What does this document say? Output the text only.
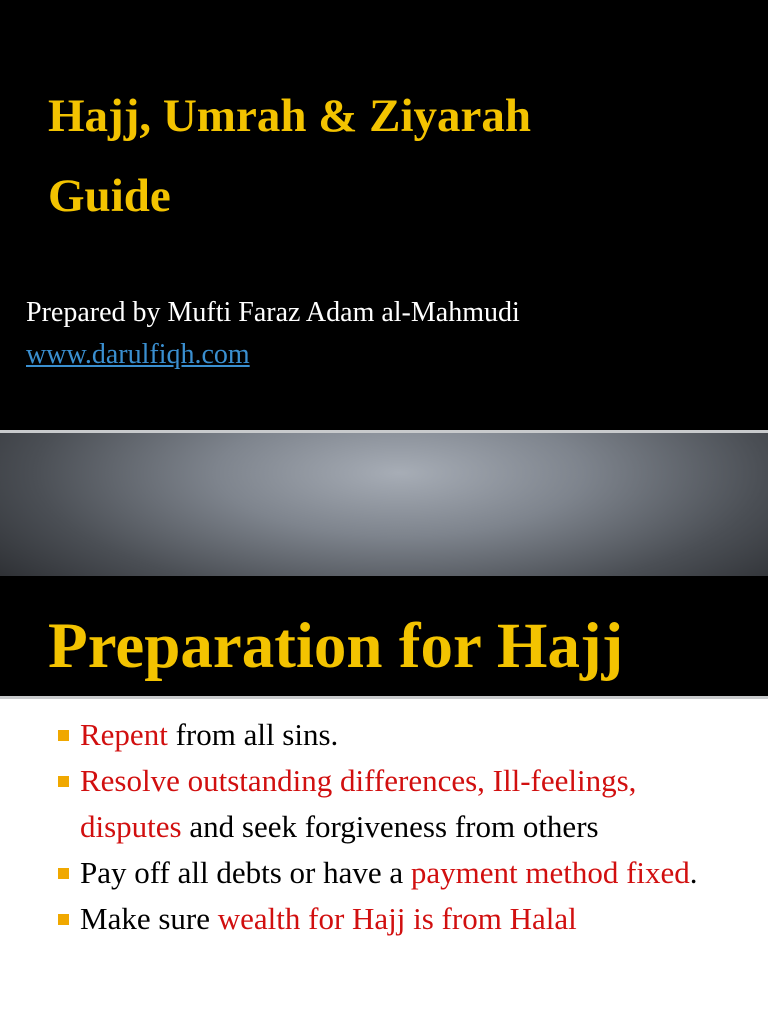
Hajj, Umrah & Ziyarah
Guide
Prepared by Mufti Faraz Adam al-Mahmudi
www.darulfiqh.com
Preparation for Hajj
Repent from all sins.
Resolve outstanding differences, Ill-feelings, disputes and seek forgiveness from others
Pay off all debts or have a payment method fixed.
Make sure wealth for Hajj is from Halal
